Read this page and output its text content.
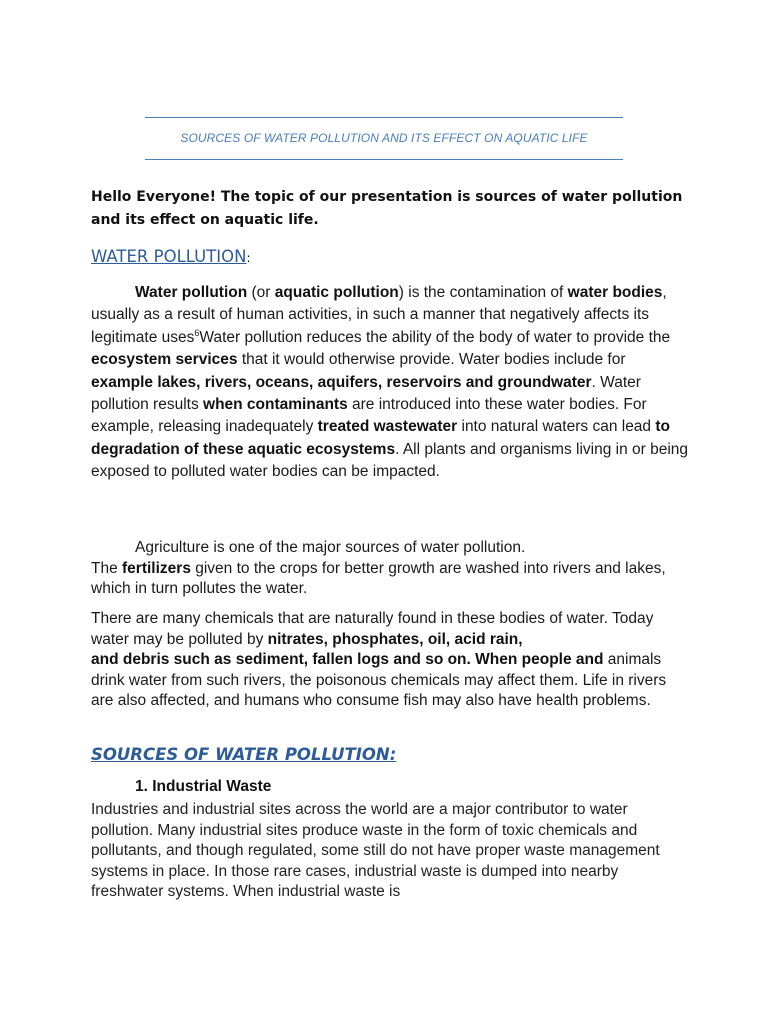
SOURCES OF WATER POLLUTION AND ITS EFFECT ON AQUATIC LIFE
Hello Everyone! The topic of our presentation is sources of water pollution and its effect on aquatic life.
WATER POLLUTION:
Water pollution (or aquatic pollution) is the contamination of water bodies, usually as a result of human activities, in such a manner that negatively affects its legitimate uses$^6$Water pollution reduces the ability of the body of water to provide the ecosystem services that it would otherwise provide. Water bodies include for
example lakes, rivers, oceans, aquifers, reservoirs and groundwater. Water pollution results when contaminants are introduced into these water bodies. For example, releasing inadequately treated wastewater into natural waters can lead to degradation of these aquatic ecosystems. All plants and organisms living in or being exposed to polluted water bodies can be impacted.
Agriculture is one of the major sources of water pollution.
The fertilizers given to the crops for better growth are washed into rivers and lakes, which in turn pollutes the water.
There are many chemicals that are naturally found in these bodies of water. Today water may be polluted by nitrates, phosphates, oil, acid rain,
and debris such as sediment, fallen logs and so on. When people and animals drink water from such rivers, the poisonous chemicals may affect them. Life in rivers are also affected, and humans who consume fish may also have health problems.
SOURCES OF WATER POLLUTION:
1. Industrial Waste
Industries and industrial sites across the world are a major contributor to water pollution. Many industrial sites produce waste in the form of toxic chemicals and pollutants, and though regulated, some still do not have proper waste management systems in place. In those rare cases, industrial waste is dumped into nearby freshwater systems. When industrial waste is
